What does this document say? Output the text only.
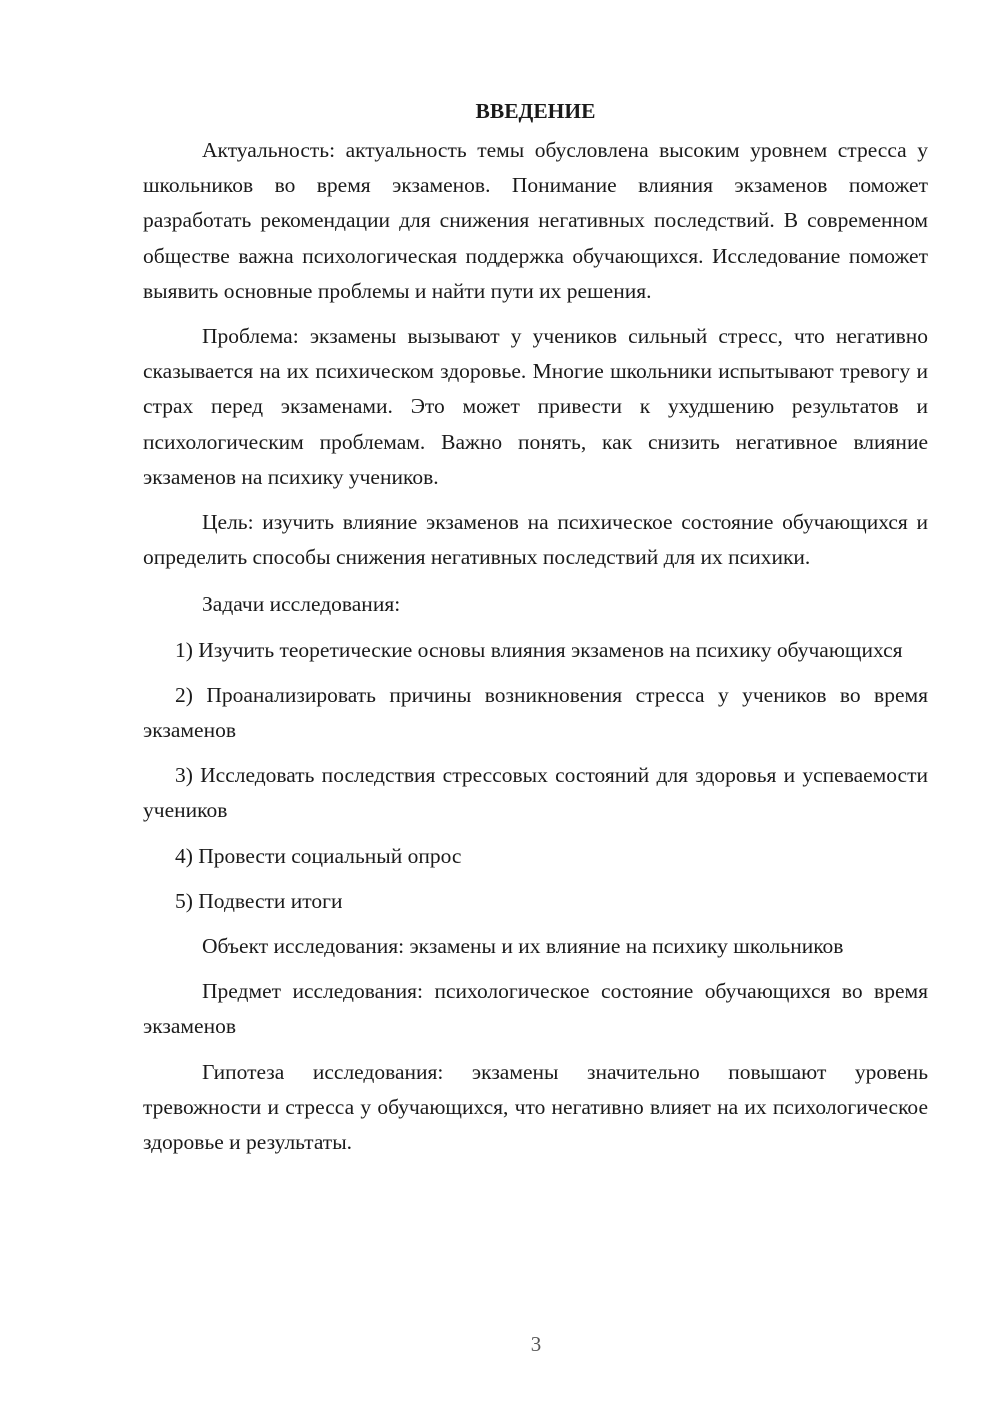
ВВЕДЕНИЕ

Актуальность: актуальность темы обусловлена высоким уровнем стресса у школьников во время экзаменов. Понимание влияния экзаменов поможет разработать рекомендации для снижения негативных последствий. В современном обществе важна психологическая поддержка обучающихся. Исследование поможет выявить основные проблемы и найти пути их решения.

Проблема: экзамены вызывают у учеников сильный стресс, что негативно сказывается на их психическом здоровье. Многие школьники испытывают тревогу и страх перед экзаменами. Это может привести к ухудшению результатов и психологическим проблемам. Важно понять, как снизить негативное влияние экзаменов на психику учеников.

Цель: изучить влияние экзаменов на психическое состояние обучающихся и определить способы снижения негативных последствий для их психики.

Задачи исследования:

1) Изучить теоретические основы влияния экзаменов на психику обучающихся

2) Проанализировать причины возникновения стресса у учеников во время экзаменов

3) Исследовать последствия стрессовых состояний для здоровья и успеваемости учеников

4) Провести социальный опрос

5) Подвести итоги

Объект исследования: экзамены и их влияние на психику школьников

Предмет исследования: психологическое состояние обучающихся во время экзаменов

Гипотеза исследования: экзамены значительно повышают уровень тревожности и стресса у обучающихся, что негативно влияет на их психологическое здоровье и результаты.

3
